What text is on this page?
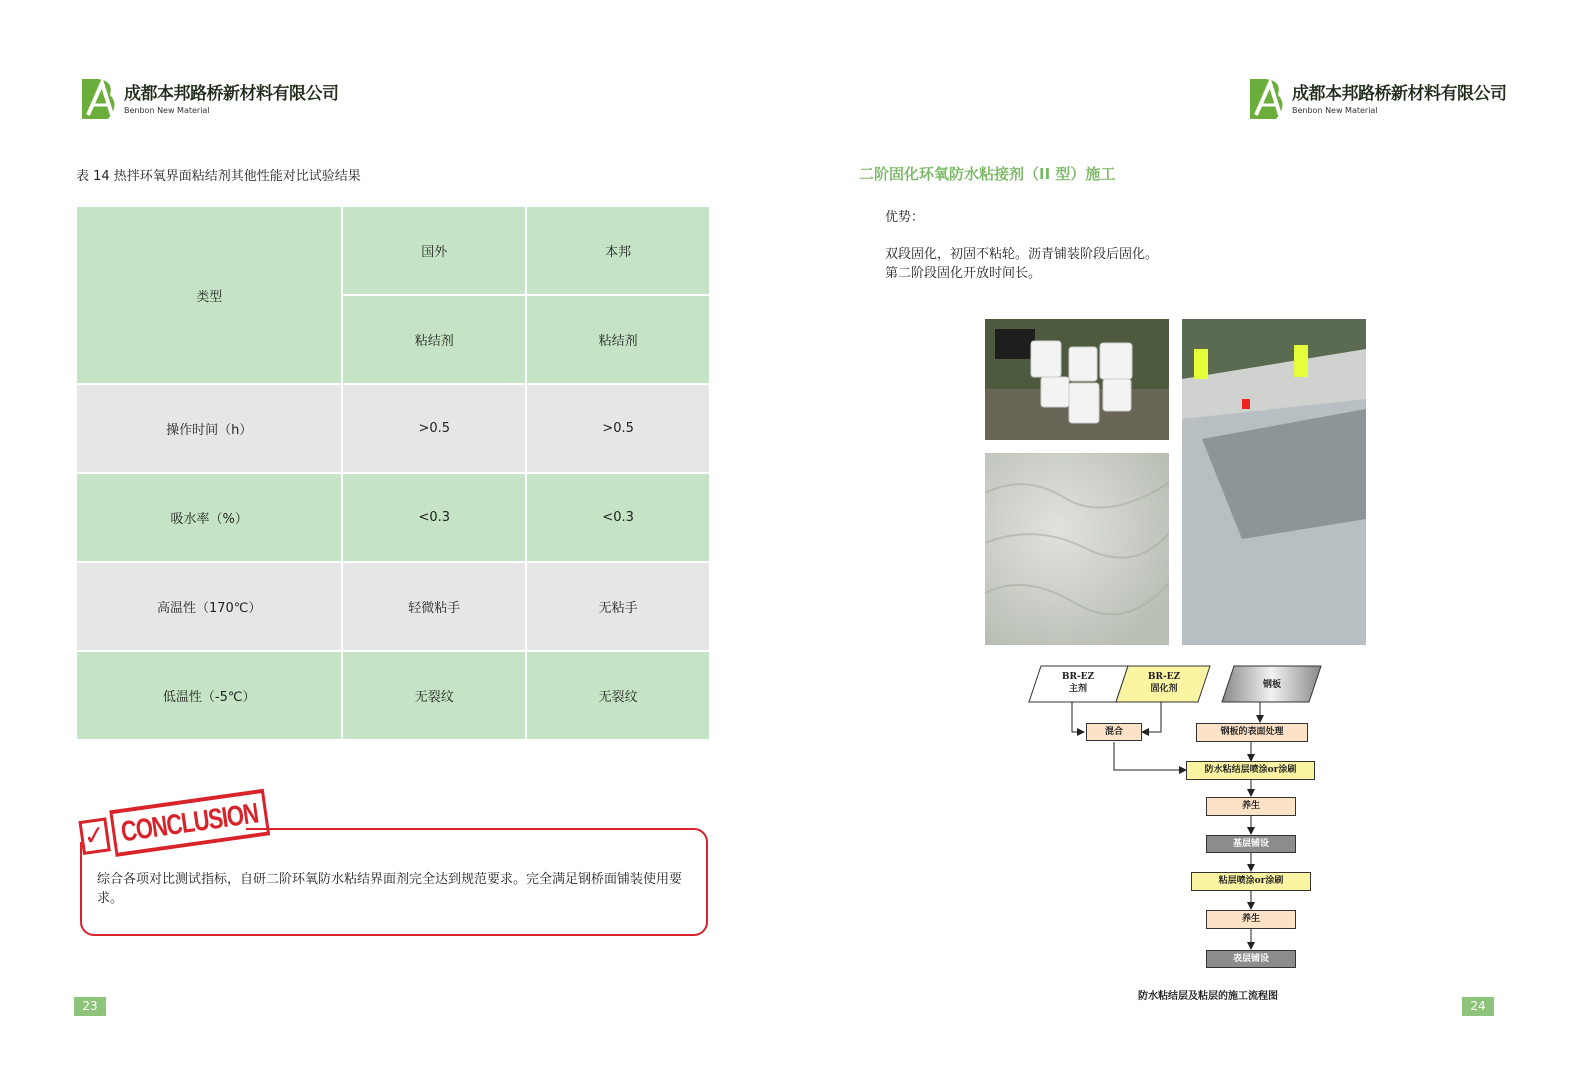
成都本邦路桥新材料有限公司
Benbon New Material
表 14 热拌环氧界面粘结剂其他性能对比试验结果
类型	国外	本邦
	粘结剂	粘结剂
操作时间（h）	>0.5	>0.5
吸水率（%）	<0.3	<0.3
高温性（170℃）	轻微粘手	无粘手
低温性（-5℃）	无裂纹	无裂纹
✓ CONCLUSION
综合各项对比测试指标，自研二阶环氧防水粘结界面剂完全达到规范要求。完全满足钢桥面铺装使用要求。
23
成都本邦路桥新材料有限公司
Benbon New Material
二阶固化环氧防水粘接剂（II 型）施工
优势：
双段固化，初固不粘轮。沥青铺装阶段后固化。
第二阶段固化开放时间长。
BR-EZ
主剂
BR-EZ
固化剂	钢板
混合	钢板的表面处理
防水粘结层喷涂or涂刷
养生
基层铺设
粘层喷涂or涂刷
养生
表层铺设
防水粘结层及粘层的施工流程图
24
